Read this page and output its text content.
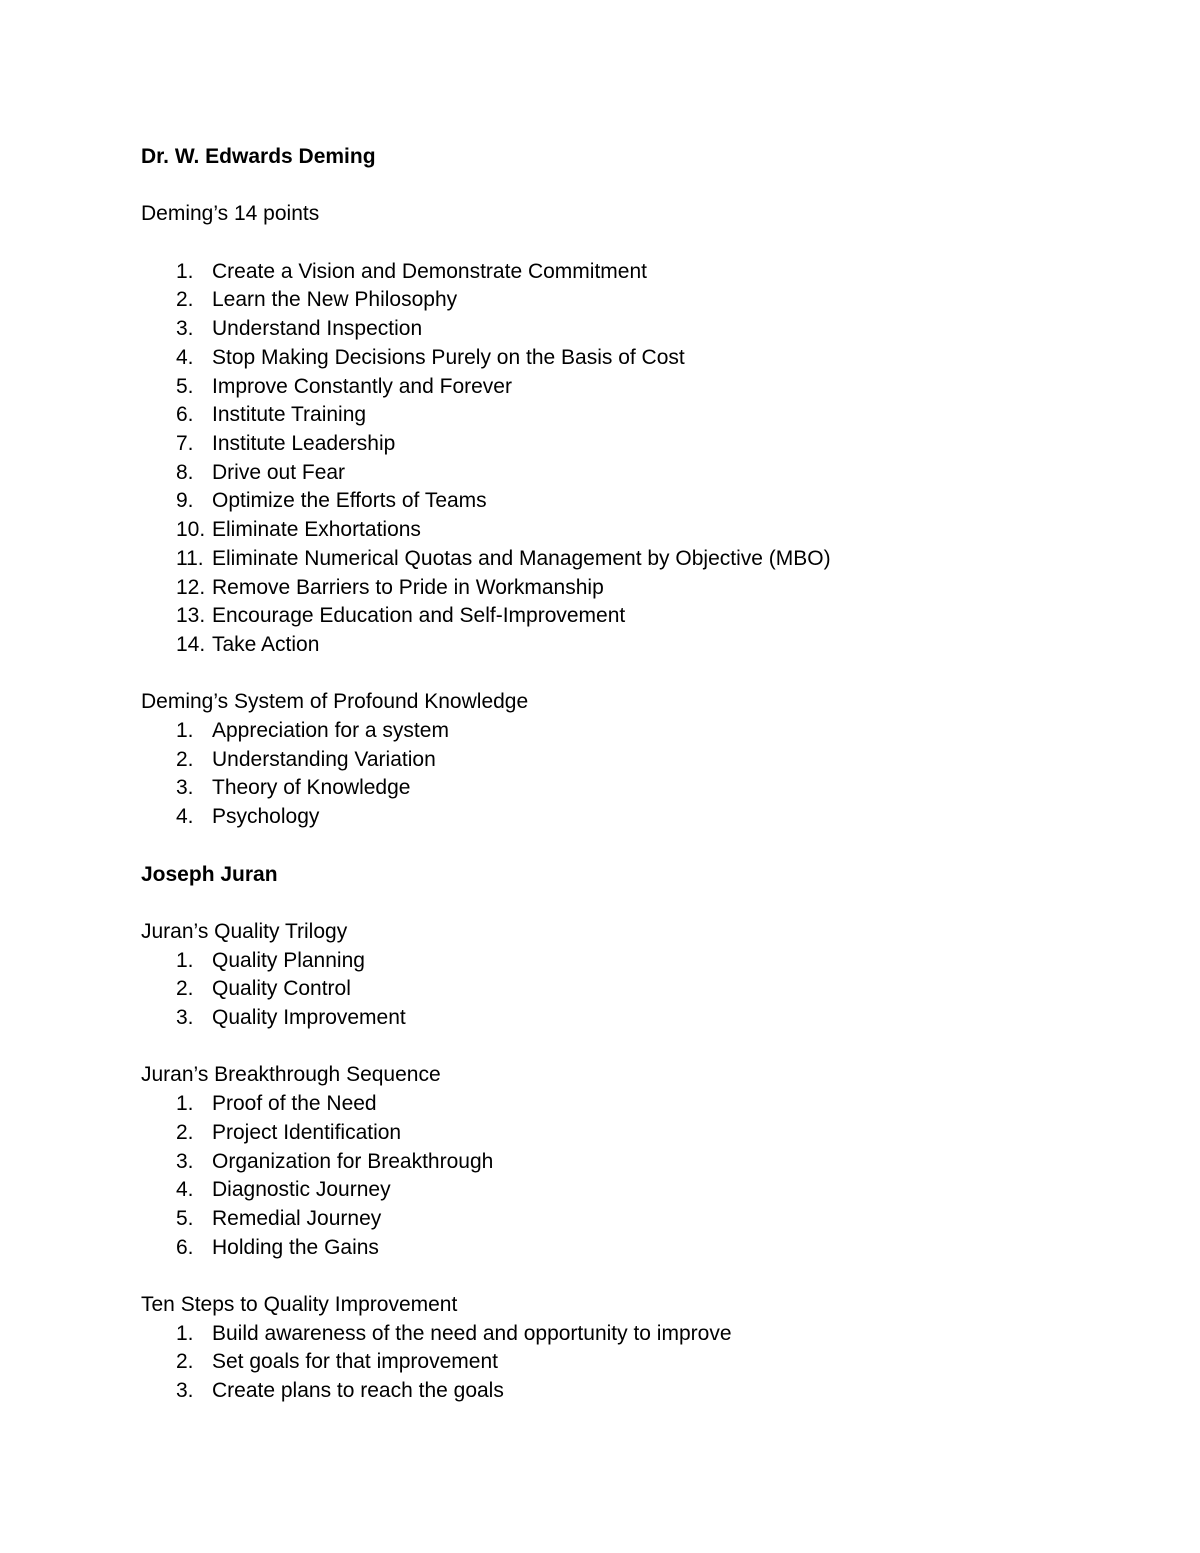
Dr. W. Edwards Deming
Deming’s 14 points
1. Create a Vision and Demonstrate Commitment
2. Learn the New Philosophy
3. Understand Inspection
4. Stop Making Decisions Purely on the Basis of Cost
5. Improve Constantly and Forever
6. Institute Training
7. Institute Leadership
8. Drive out Fear
9. Optimize the Efforts of Teams
10. Eliminate Exhortations
11. Eliminate Numerical Quotas and Management by Objective (MBO)
12. Remove Barriers to Pride in Workmanship
13. Encourage Education and Self-Improvement
14. Take Action
Deming’s System of Profound Knowledge
1. Appreciation for a system
2. Understanding Variation
3. Theory of Knowledge
4. Psychology
Joseph Juran
Juran’s Quality Trilogy
1. Quality Planning
2. Quality Control
3. Quality Improvement
Juran’s Breakthrough Sequence
1. Proof of the Need
2. Project Identification
3. Organization for Breakthrough
4. Diagnostic Journey
5. Remedial Journey
6. Holding the Gains
Ten Steps to Quality Improvement
1. Build awareness of the need and opportunity to improve
2. Set goals for that improvement
3. Create plans to reach the goals
